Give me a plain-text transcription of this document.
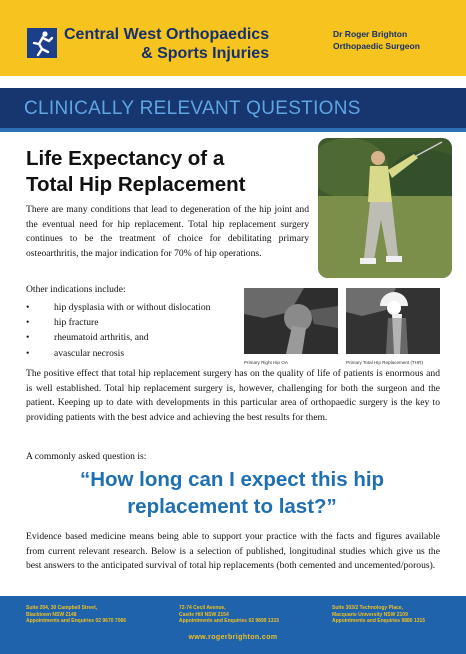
Central West Orthopaedics
& Sports Injuries
Dr Roger Brighton
Orthopaedic Surgeon
CLINICALLY RELEVANT QUESTIONS
Life Expectancy of a
Total Hip Replacement

There are many conditions that lead to degeneration of the hip joint and the eventual need for hip replacement. Total hip replacement surgery continues to be the treatment of choice for debilitating primary osteoarthritis, the major indication for 70% of hip operations.

Other indications include:
•	hip dysplasia with or without dislocation
•	hip fracture
•	rheumatoid arthritis, and
•	avascular necrosis
Primary Right Hip OA	Primary Total Hip Replacement (THR)

The positive effect that total hip replacement surgery has on the quality of life of patients is enormous and is well established. Total hip replacement surgery is, however, challenging for both the surgeon and the patient. Keeping up to date with developments in this particular area of orthopaedic surgery is the key to providing patients with the best advice and achieving the best results for them.

A commonly asked question is:
“How long can I expect this hip
replacement to last?”

Evidence based medicine means being able to support your practice with the facts and figures available from current relevant research. Below is a selection of published, longitudinal studies which give us the best answers to the anticipated survival of total hip replacements (both cemented and uncemented/porous).

Suite 204, 30 Campbell Street,
Blacktown NSW 2148
Appointments and Enquiries 02 9670 7066
72-74 Cecil Avenue,
Castle Hill NSW 2154
Appointments and Enquiries 02 9899 1315
Suite 303/2 Technology Place,
Macquarie University NSW 2109
Appointments and Enquiries 9880 1315
www.rogerbrighton.com
